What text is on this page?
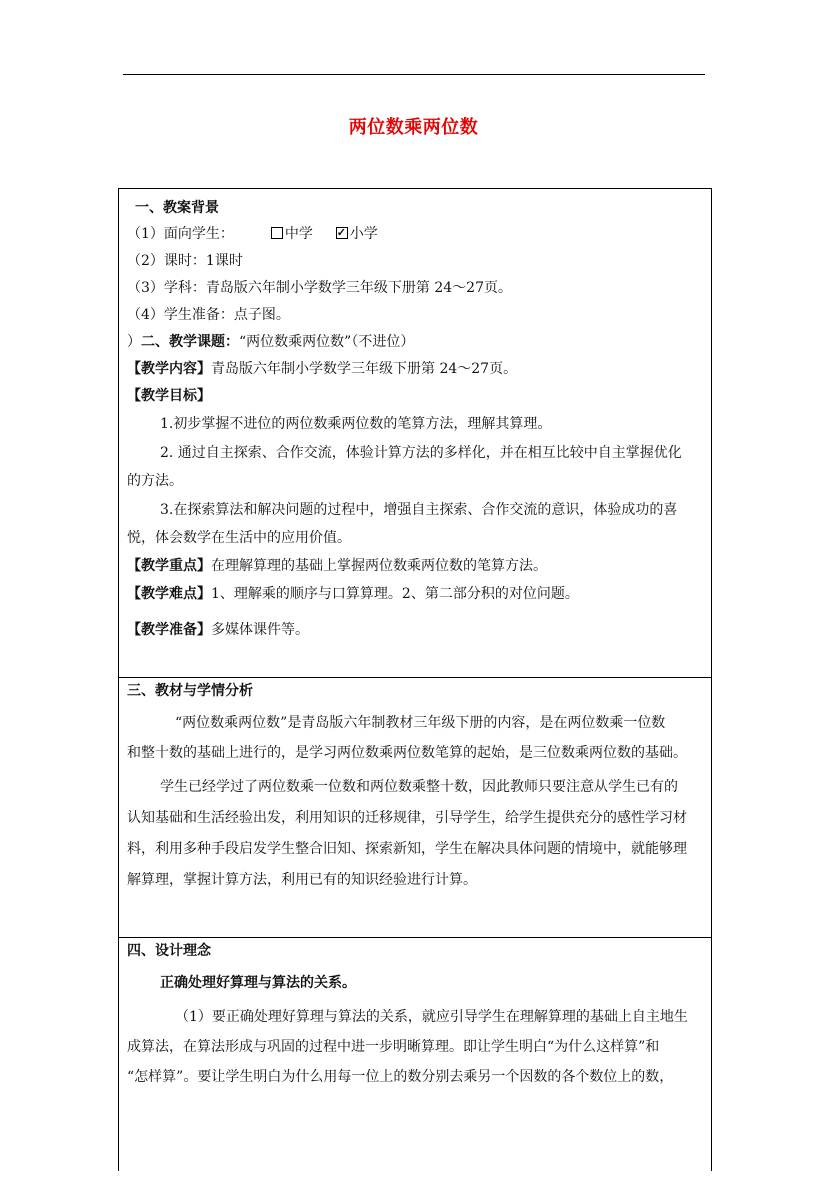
两位数乘两位数
一、教案背景
（1）面向学生：	中学  ✓	小学
（2）课时：1课时
（3）学科：青岛版六年制小学数学三年级下册第 24～27页。
（4）学生准备：点子图。
）二、教学课题：“两位数乘两位数”（不进位）
【教学内容】青岛版六年制小学数学三年级下册第 24～27页。
【教学目标】
1.初步掌握不进位的两位数乘两位数的笔算方法，理解其算理。
2. 通过自主探索、合作交流，体验计算方法的多样化，并在相互比较中自主掌握优化
的方法。
3.在探索算法和解决问题的过程中，增强自主探索、合作交流的意识，体验成功的喜
悦，体会数学在生活中的应用价值。
【教学重点】在理解算理的基础上掌握两位数乘两位数的笔算方法。
【教学难点】1、理解乘的顺序与口算算理。2、第二部分积的对位问题。
【教学准备】多媒体课件等。
三、教材与学情分析
“两位数乘两位数”是青岛版六年制教材三年级下册的内容，是在两位数乘一位数
和整十数的基础上进行的，是学习两位数乘两位数笔算的起始，是三位数乘两位数的基础。
学生已经学过了两位数乘一位数和两位数乘整十数，因此教师只要注意从学生已有的
认知基础和生活经验出发，利用知识的迁移规律，引导学生，给学生提供充分的感性学习材
料，利用多种手段启发学生整合旧知、探索新知，学生在解决具体问题的情境中，就能够理
解算理，掌握计算方法，利用已有的知识经验进行计算。
四、设计理念
正确处理好算理与算法的关系。
（1）要正确处理好算理与算法的关系，就应引导学生在理解算理的基础上自主地生
成算法，在算法形成与巩固的过程中进一步明晰算理。即让学生明白“为什么这样算”和
“怎样算”。要让学生明白为什么用每一位上的数分别去乘另一个因数的各个数位上的数，
